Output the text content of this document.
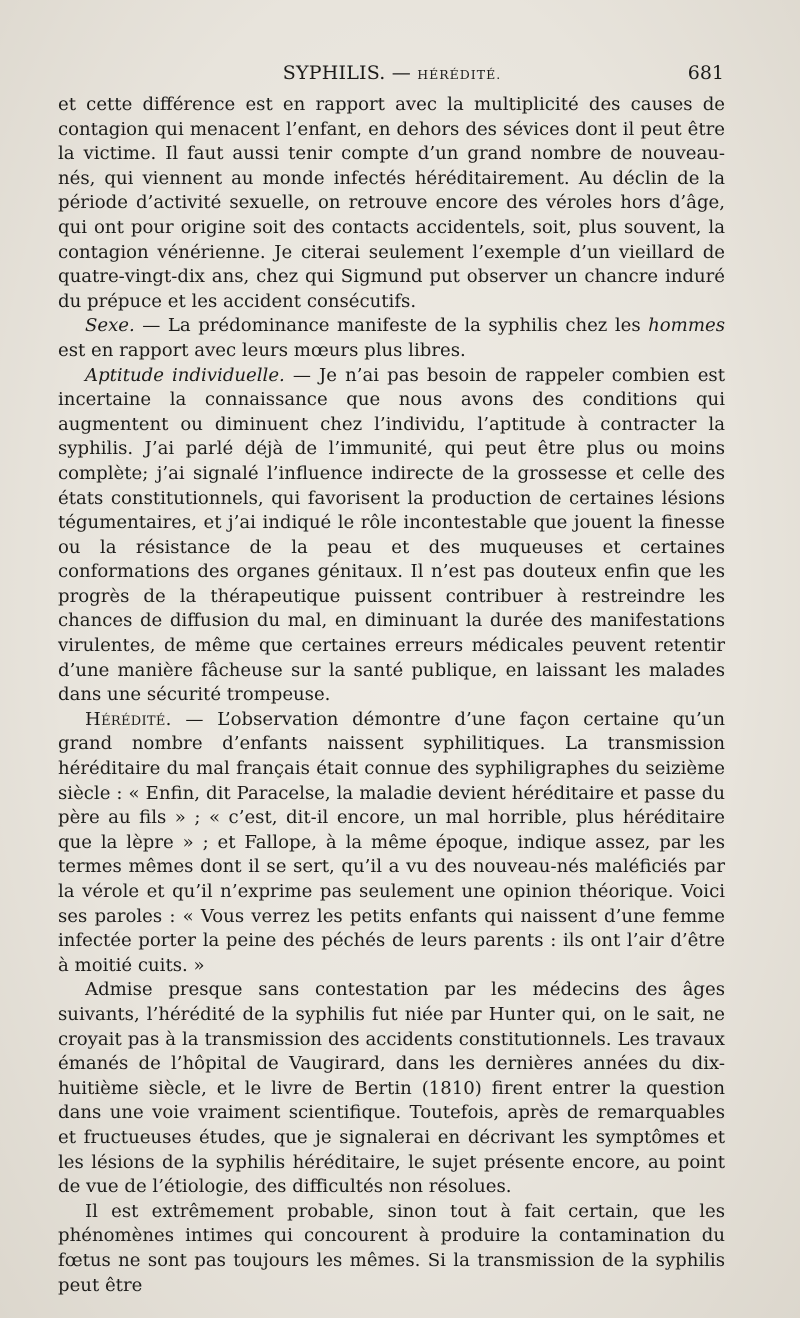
SYPHILIS. — HÉRÉDITÉ.	681

et cette différence est en rapport avec la multiplicité des causes de contagion qui menacent l’enfant, en dehors des sévices dont il peut être la victime. Il faut aussi tenir compte d’un grand nombre de nouveau-nés, qui viennent au monde infectés héréditairement. Au déclin de la période d’activité sexuelle, on retrouve encore des véroles hors d’âge, qui ont pour origine soit des contacts accidentels, soit, plus souvent, la contagion vénérienne. Je citerai seulement l’exemple d’un vieillard de quatre-vingt-dix ans, chez qui Sigmund put observer un chancre induré du prépuce et les accident consécutifs.

Sexe. — La prédominance manifeste de la syphilis chez les hommes est en rapport avec leurs mœurs plus libres.

Aptitude individuelle. — Je n’ai pas besoin de rappeler combien est incertaine la connaissance que nous avons des conditions qui augmentent ou diminuent chez l’individu, l’aptitude à contracter la syphilis. J’ai parlé déjà de l’immunité, qui peut être plus ou moins complète; j’ai signalé l’influence indirecte de la grossesse et celle des états constitutionnels, qui favorisent la production de certaines lésions tégumentaires, et j’ai indiqué le rôle incontestable que jouent la finesse ou la résistance de la peau et des muqueuses et certaines conformations des organes génitaux. Il n’est pas douteux enfin que les progrès de la thérapeutique puissent contribuer à restreindre les chances de diffusion du mal, en diminuant la durée des manifestations virulentes, de même que certaines erreurs médicales peuvent retentir d’une manière fâcheuse sur la santé publique, en laissant les malades dans une sécurité trompeuse.

Hérédité. — L’observation démontre d’une façon certaine qu’un grand nombre d’enfants naissent syphilitiques. La transmission héréditaire du mal français était connue des syphiligraphes du seizième siècle : « Enfin, dit Paracelse, la maladie devient héréditaire et passe du père au fils » ; « c’est, dit-il encore, un mal horrible, plus héréditaire que la lèpre » ; et Fallope, à la même époque, indique assez, par les termes mêmes dont il se sert, qu’il a vu des nouveau-nés maléficiés par la vérole et qu’il n’exprime pas seulement une opinion théorique. Voici ses paroles : « Vous verrez les petits enfants qui naissent d’une femme infectée porter la peine des péchés de leurs parents : ils ont l’air d’être à moitié cuits. »

Admise presque sans contestation par les médecins des âges suivants, l’hérédité de la syphilis fut niée par Hunter qui, on le sait, ne croyait pas à la transmission des accidents constitutionnels. Les travaux émanés de l’hôpital de Vaugirard, dans les dernières années du dix-huitième siècle, et le livre de Bertin (1810) firent entrer la question dans une voie vraiment scientifique. Toutefois, après de remarquables et fructueuses études, que je signalerai en décrivant les symptômes et les lésions de la syphilis héréditaire, le sujet présente encore, au point de vue de l’étiologie, des difficultés non résolues.

Il est extrêmement probable, sinon tout à fait certain, que les phénomènes intimes qui concourent à produire la contamination du fœtus ne sont pas toujours les mêmes. Si la transmission de la syphilis peut être
